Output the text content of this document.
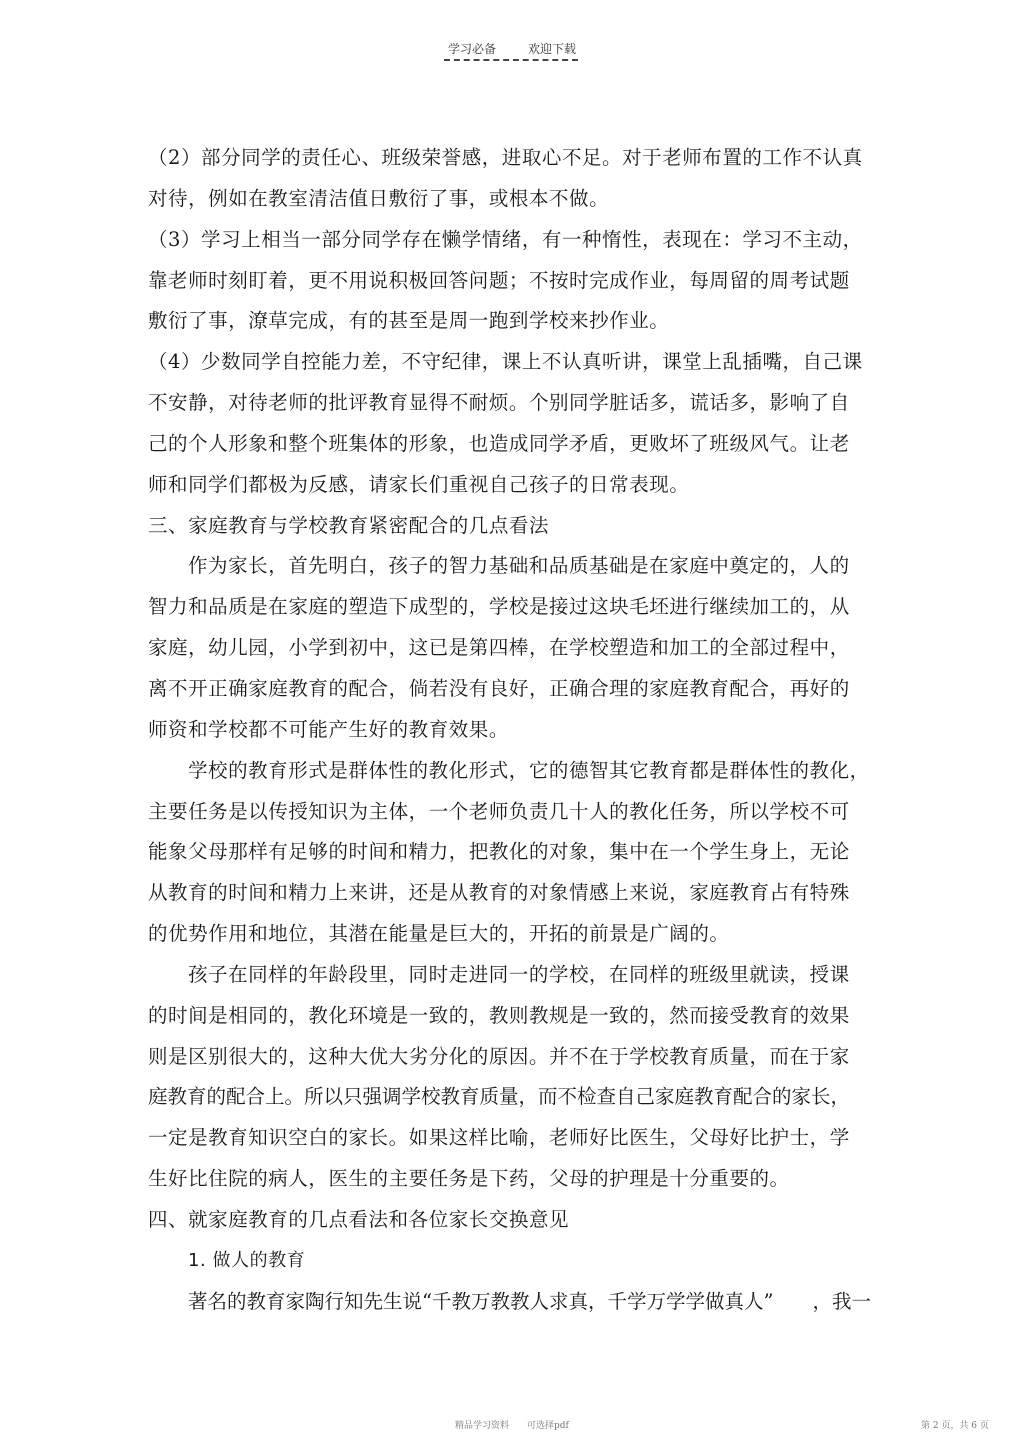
学习必备	欢迎下载
（2）部分同学的责任心、班级荣誉感，进取心不足。对于老师布置的工作不认真
对待，例如在教室清洁值日敷衍了事，或根本不做。
（3）学习上相当一部分同学存在懒学情绪，有一种惰性，表现在：学习不主动，
靠老师时刻盯着，更不用说积极回答问题；不按时完成作业，每周留的周考试题
敷衍了事，潦草完成，有的甚至是周一跑到学校来抄作业。
（4）少数同学自控能力差，不守纪律，课上不认真听讲，课堂上乱插嘴，自己课
不安静，对待老师的批评教育显得不耐烦。个别同学脏话多，谎话多，影响了自
己的个人形象和整个班集体的形象，也造成同学矛盾，更败坏了班级风气。让老
师和同学们都极为反感，请家长们重视自己孩子的日常表现。
三、家庭教育与学校教育紧密配合的几点看法
作为家长，首先明白，孩子的智力基础和品质基础是在家庭中奠定的，人的
智力和品质是在家庭的塑造下成型的，学校是接过这块毛坯进行继续加工的，从
家庭，幼儿园，小学到初中，这已是第四棒，在学校塑造和加工的全部过程中，
离不开正确家庭教育的配合，倘若没有良好，正确合理的家庭教育配合，再好的
师资和学校都不可能产生好的教育效果。
学校的教育形式是群体性的教化形式，它的德智其它教育都是群体性的教化，
主要任务是以传授知识为主体，一个老师负责几十人的教化任务，所以学校不可
能象父母那样有足够的时间和精力，把教化的对象，集中在一个学生身上，无论
从教育的时间和精力上来讲，还是从教育的对象情感上来说，家庭教育占有特殊
的优势作用和地位，其潜在能量是巨大的，开拓的前景是广阔的。
孩子在同样的年龄段里，同时走进同一的学校，在同样的班级里就读，授课
的时间是相同的，教化环境是一致的，教则教规是一致的，然而接受教育的效果
则是区别很大的，这种大优大劣分化的原因。并不在于学校教育质量，而在于家
庭教育的配合上。所以只强调学校教育质量，而不检查自己家庭教育配合的家长，
一定是教育知识空白的家长。如果这样比喻，老师好比医生，父母好比护士，学
生好比住院的病人，医生的主要任务是下药，父母的护理是十分重要的。
四、就家庭教育的几点看法和各位家长交换意见
1. 做人的教育
著名的教育家陶行知先生说“千教万教教人求真，千学万学学做真人”　　，我一
精品学习资料　　可选择pdf	第 2 页，共 6 页
